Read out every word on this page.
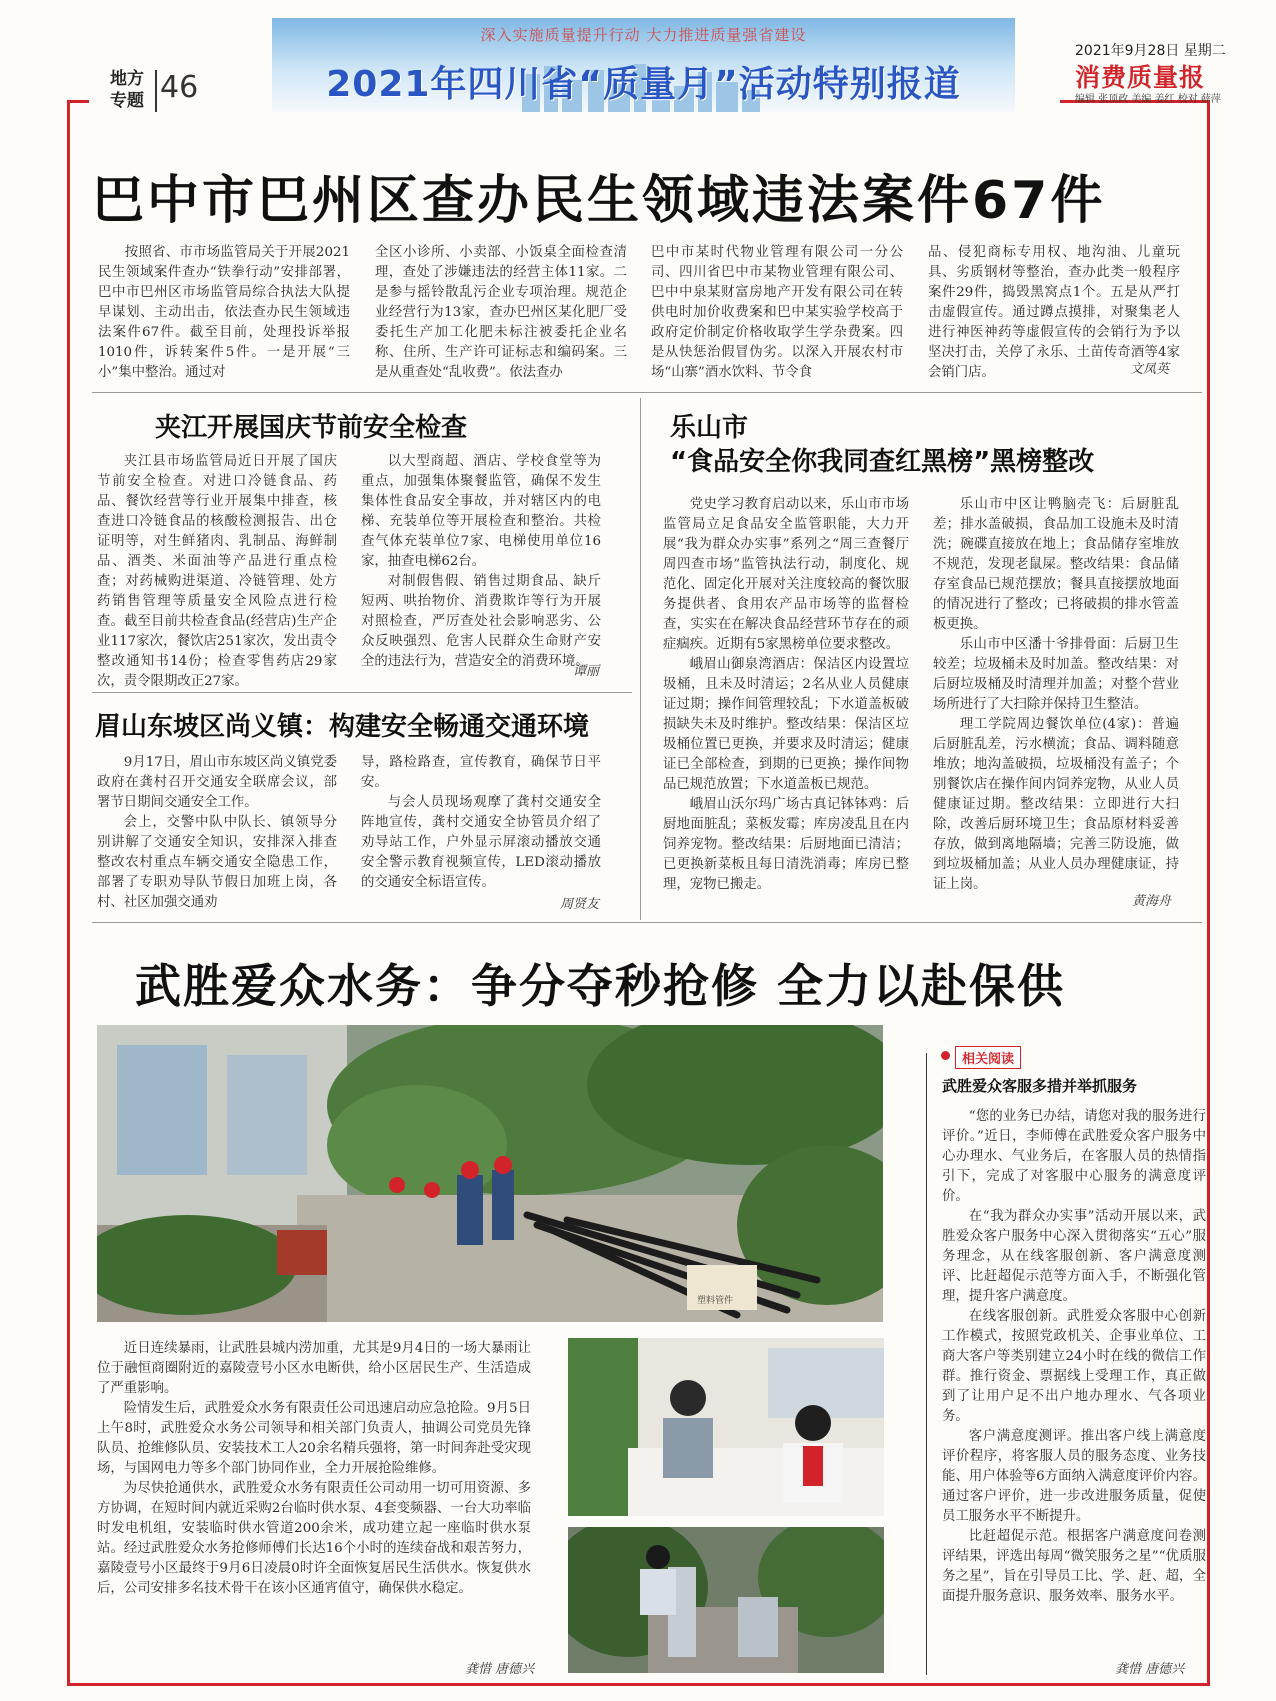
地方专题 46
深入实施质量提升行动 大力推进质量强省建设
2021年四川省“质量月”活动特别报道
2021年9月28日 星期二
消费质量报
编辑 张顶政 美编 姜红 校对 薛萍
巴中市巴州区查办民生领域违法案件67件

按照省、市市场监管局关于开展2021民生领域案件查办“铁拳行动”安排部署，巴中市巴州区市场监管局综合执法大队提早谋划、主动出击，依法查办民生领域违法案件67件。截至目前，处理投诉举报1010件，诉转案件5件。一是开展“三小”集中整治。通过对

全区小诊所、小卖部、小饭桌全面检查清理，查处了涉嫌违法的经营主体11家。二是参与摇铃散乱污企业专项治理。规范企业经营行为13家，查办巴州区某化肥厂受委托生产加工化肥未标注被委托企业名称、住所、生产许可证标志和编码案。三是从重查处“乱收费”。依法查办

巴中市某时代物业管理有限公司一分公司、四川省巴中市某物业管理有限公司、巴中中泉某财富房地产开发有限公司在转供电时加价收费案和巴中某实验学校高于政府定价制定价格收取学生学杂费案。四是从快惩治假冒伪劣。以深入开展农村市场“山寨”酒水饮料、节令食

品、侵犯商标专用权、地沟油、儿童玩具、劣质钢材等整治，查办此类一般程序案件29件，捣毁黑窝点1个。五是从严打击虚假宣传。通过蹲点摸排，对聚集老人进行神医神药等虚假宣传的会销行为予以坚决打击，关停了永乐、土苗传奇酒等4家会销门店。	文凤英
夹江开展国庆节前安全检查

夹江县市场监管局近日开展了国庆节前安全检查。对进口冷链食品、药品、餐饮经营等行业开展集中排查，核查进口冷链食品的核酸检测报告、出仓证明等，对生鲜猪肉、乳制品、海鲜制品、酒类、米面油等产品进行重点检查；对药械购进渠道、冷链管理、处方药销售管理等质量安全风险点进行检查。截至目前共检查食品(经营店)生产企业117家次，餐饮店251家次，发出责令整改通知书14份；检查零售药店29家次，责令限期改正27家。

以大型商超、酒店、学校食堂等为重点，加强集体聚餐监管，确保不发生集体性食品安全事故，并对辖区内的电梯、充装单位等开展检查和整治。共检查气体充装单位7家、电梯使用单位16家，抽查电梯62台。

对制假售假、销售过期食品、缺斤短两、哄抬物价、消费欺诈等行为开展对照检查，严厉查处社会影响恶劣、公众反映强烈、危害人民群众生命财产安全的违法行为，营造安全的消费环境。

谭丽
眉山东坡区尚义镇：构建安全畅通交通环境

9月17日，眉山市东坡区尚义镇党委政府在龚村召开交通安全联席会议，部署节日期间交通安全工作。

会上，交警中队中队长、镇领导分别讲解了交通安全知识，安排深入排查整改农村重点车辆交通安全隐患工作，部署了专职劝导队节假日加班上岗，各村、社区加强交通劝

导，路检路查，宣传教育，确保节日平安。

与会人员现场观摩了龚村交通安全阵地宣传，龚村交通安全协管员介绍了劝导站工作，户外显示屏滚动播放交通安全警示教育视频宣传，LED滚动播放的交通安全标语宣传。

周贤友
乐山市
“食品安全你我同查红黑榜”黑榜整改

党史学习教育启动以来，乐山市市场监管局立足食品安全监管职能，大力开展“我为群众办实事”系列之“周三查餐厅 周四查市场”监管执法行动，制度化、规范化、固定化开展对关注度较高的餐饮服务提供者、食用农产品市场等的监督检查，实实在在解决食品经营环节存在的顽症痼疾。近期有5家黑榜单位要求整改。

峨眉山御泉湾酒店：保洁区内设置垃圾桶，且未及时清运；2名从业人员健康证过期；操作间管理较乱；下水道盖板破损缺失未及时维护。整改结果：保洁区垃圾桶位置已更换，并要求及时清运；健康证已全部检查，到期的已更换；操作间物品已规范放置；下水道盖板已规范。

峨眉山沃尔玛广场古真记钵钵鸡：后厨地面脏乱；菜板发霉；库房凌乱且在内饲养宠物。整改结果：后厨地面已清洁；已更换新菜板且每日清洗消毒；库房已整理，宠物已搬走。

乐山市中区让鸭脑壳飞：后厨脏乱差；排水盖破损，食品加工设施未及时清洗；碗碟直接放在地上；食品储存室堆放不规范，发现老鼠屎。整改结果：食品储存室食品已规范摆放；餐具直接摆放地面的情况进行了整改；已将破损的排水管盖板更换。

乐山市中区潘十爷排骨面：后厨卫生较差；垃圾桶未及时加盖。整改结果：对后厨垃圾桶及时清理并加盖；对整个营业场所进行了大扫除并保持卫生整洁。

理工学院周边餐饮单位(4家)：普遍后厨脏乱差，污水横流；食品、调料随意堆放；地沟盖破损，垃圾桶没有盖子；个别餐饮店在操作间内饲养宠物，从业人员健康证过期。整改结果：立即进行大扫除，改善后厨环境卫生；食品原材料妥善存放，做到离地隔墙；完善三防设施，做到垃圾桶加盖；从业人员办理健康证，持证上岗。

黄海舟
武胜爱众水务：争分夺秒抢修 全力以赴保供
塑料管件

近日连续暴雨，让武胜县城内涝加重，尤其是9月4日的一场大暴雨让位于融恒商圈附近的嘉陵壹号小区水电断供，给小区居民生产、生活造成了严重影响。

险情发生后，武胜爱众水务有限责任公司迅速启动应急抢险。9月5日上午8时，武胜爱众水务公司领导和相关部门负责人，抽调公司党员先锋队员、抢维修队员、安装技术工人20余名精兵强将，第一时间奔赴受灾现场，与国网电力等多个部门协同作业，全力开展抢险维修。

为尽快抢通供水，武胜爱众水务有限责任公司动用一切可用资源、多方协调，在短时间内就近采购2台临时供水泵、4套变频器、一台大功率临时发电机组，安装临时供水管道200余米，成功建立起一座临时供水泵站。经过武胜爱众水务抢修师傅们长达16个小时的连续奋战和艰苦努力，嘉陵壹号小区最终于9月6日凌晨0时许全面恢复居民生活供水。恢复供水后，公司安排多名技术骨干在该小区通宵值守，确保供水稳定。

龚惜 唐德兴
相关阅读
武胜爱众客服多措并举抓服务

“您的业务已办结，请您对我的服务进行评价。”近日，李师傅在武胜爱众客户服务中心办理水、气业务后，在客服人员的热情指引下，完成了对客服中心服务的满意度评价。

在“我为群众办实事”活动开展以来，武胜爱众客户服务中心深入贯彻落实“五心”服务理念，从在线客服创新、客户满意度测评、比赶超促示范等方面入手，不断强化管理，提升客户满意度。

在线客服创新。武胜爱众客服中心创新工作模式，按照党政机关、企事业单位、工商大客户等类别建立24小时在线的微信工作群。推行资金、票据线上受理工作，真正做到了让用户足不出户地办理水、气各项业务。

客户满意度测评。推出客户线上满意度评价程序，将客服人员的服务态度、业务技能、用户体验等6方面纳入满意度评价内容。通过客户评价，进一步改进服务质量，促使员工服务水平不断提升。

比赶超促示范。根据客户满意度问卷测评结果，评选出每周“微笑服务之星”“优质服务之星”，旨在引导员工比、学、赶、超，全面提升服务意识、服务效率、服务水平。

龚惜 唐德兴
